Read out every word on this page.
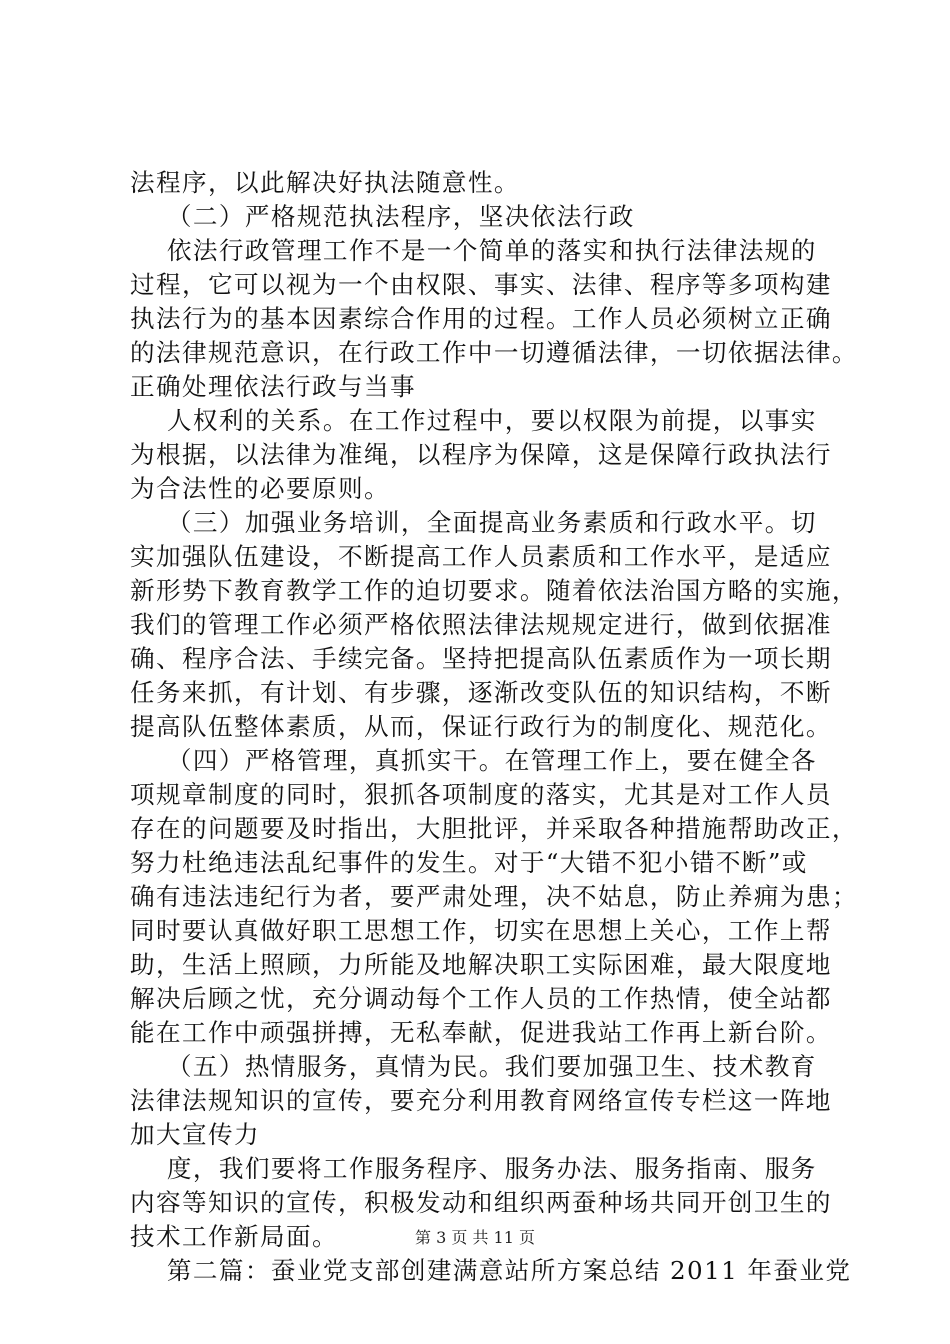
法程序，以此解决好执法随意性。
（二）严格规范执法程序，坚决依法行政
依法行政管理工作不是一个简单的落实和执行法律法规的
过程，它可以视为一个由权限、事实、法律、程序等多项构建
执法行为的基本因素综合作用的过程。工作人员必须树立正确
的法律规范意识，在行政工作中一切遵循法律，一切依据法律。
正确处理依法行政与当事
人权利的关系。在工作过程中，要以权限为前提，以事实
为根据，以法律为准绳，以程序为保障，这是保障行政执法行
为合法性的必要原则。
（三）加强业务培训，全面提高业务素质和行政水平。切
实加强队伍建设，不断提高工作人员素质和工作水平，是适应
新形势下教育教学工作的迫切要求。随着依法治国方略的实施，
我们的管理工作必须严格依照法律法规规定进行，做到依据准
确、程序合法、手续完备。坚持把提高队伍素质作为一项长期
任务来抓，有计划、有步骤，逐渐改变队伍的知识结构，不断
提高队伍整体素质，从而，保证行政行为的制度化、规范化。
（四）严格管理，真抓实干。在管理工作上，要在健全各
项规章制度的同时，狠抓各项制度的落实，尤其是对工作人员
存在的问题要及时指出，大胆批评，并采取各种措施帮助改正，
努力杜绝违法乱纪事件的发生。对于“大错不犯小错不断”或
确有违法违纪行为者，要严肃处理，决不姑息，防止养痈为患；
同时要认真做好职工思想工作，切实在思想上关心，工作上帮
助，生活上照顾，力所能及地解决职工实际困难，最大限度地
解决后顾之忧，充分调动每个工作人员的工作热情，使全站都
能在工作中顽强拼搏，无私奉献，促进我站工作再上新台阶。
（五）热情服务，真情为民。我们要加强卫生、技术教育
法律法规知识的宣传，要充分利用教育网络宣传专栏这一阵地
加大宣传力
度，我们要将工作服务程序、服务办法、服务指南、服务
内容等知识的宣传，积极发动和组织两蚕种场共同开创卫生的
技术工作新局面。
第二篇：蚕业党支部创建满意站所方案总结 2011 年蚕业党
第 3 页 共 11 页
